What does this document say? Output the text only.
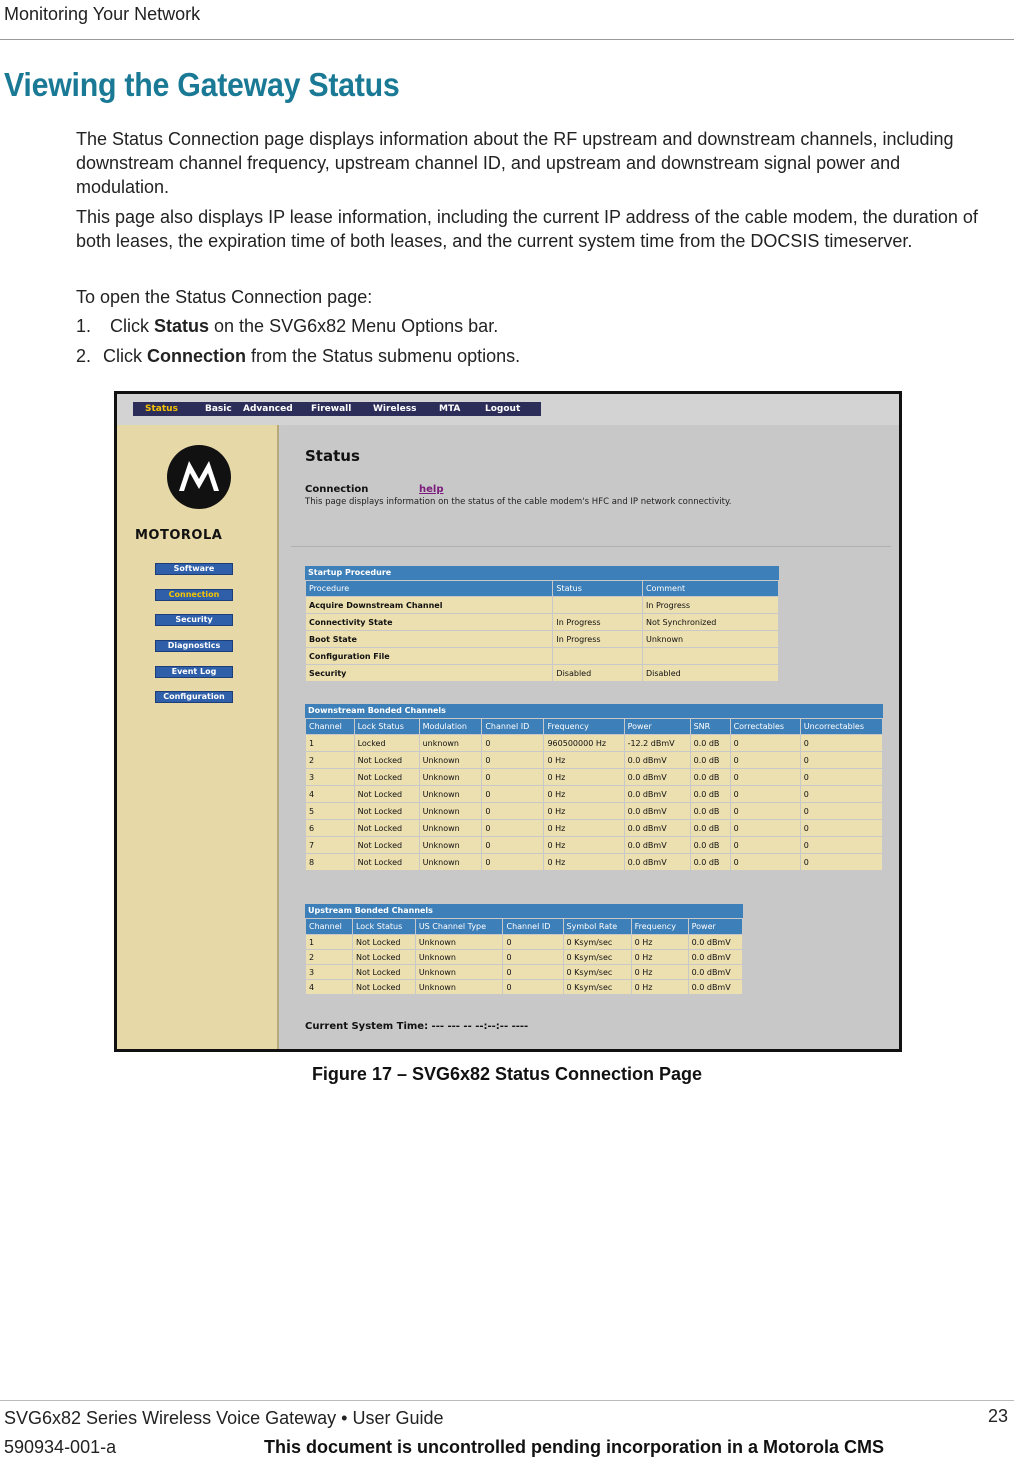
Monitoring Your Network
Viewing the Gateway Status

The Status Connection page displays information about the RF upstream and downstream channels, including downstream channel frequency, upstream channel ID, and upstream and downstream signal power and modulation.

This page also displays IP lease information, including the current IP address of the cable modem, the duration of both leases, the expiration time of both leases, and the current system time from the DOCSIS timeserver.

To open the Status Connection page:

1. Click Status on the SVG6x82 Menu Options bar.
2. Click Connection from the Status submenu options.
Status	Basic	Advanced	Firewall	Wireless	MTA	Logout
MOTOROLA
Software
Connection
Security
Diagnostics
Event Log
Configuration
Status
Connection	help
This page displays information on the status of the cable modem's HFC and IP network connectivity.
Startup Procedure
Procedure	Status	Comment
Acquire Downstream Channel		In Progress
Connectivity State	In Progress	Not Synchronized
Boot State	In Progress	Unknown
Configuration File		
Security	Disabled	Disabled
Downstream Bonded Channels
Channel	Lock Status	Modulation	Channel ID	Frequency	Power	SNR	Correctables	Uncorrectables
1	Locked	unknown	0	960500000 Hz	-12.2 dBmV	0.0 dB	0	0
2	Not Locked	Unknown	0	0 Hz	0.0 dBmV	0.0 dB	0	0
3	Not Locked	Unknown	0	0 Hz	0.0 dBmV	0.0 dB	0	0
4	Not Locked	Unknown	0	0 Hz	0.0 dBmV	0.0 dB	0	0
5	Not Locked	Unknown	0	0 Hz	0.0 dBmV	0.0 dB	0	0
6	Not Locked	Unknown	0	0 Hz	0.0 dBmV	0.0 dB	0	0
7	Not Locked	Unknown	0	0 Hz	0.0 dBmV	0.0 dB	0	0
8	Not Locked	Unknown	0	0 Hz	0.0 dBmV	0.0 dB	0	0
Upstream Bonded Channels
Channel	Lock Status	US Channel Type	Channel ID	Symbol Rate	Frequency	Power
1	Not Locked	Unknown	0	0 Ksym/sec	0 Hz	0.0 dBmV
2	Not Locked	Unknown	0	0 Ksym/sec	0 Hz	0.0 dBmV
3	Not Locked	Unknown	0	0 Ksym/sec	0 Hz	0.0 dBmV
4	Not Locked	Unknown	0	0 Ksym/sec	0 Hz	0.0 dBmV
Current System Time: --- --- -- --:--:-- ----
Figure 17 – SVG6x82 Status Connection Page
SVG6x82 Series Wireless Voice Gateway • User Guide	23
590934-001-a	This document is uncontrolled pending incorporation in a Motorola CMS
